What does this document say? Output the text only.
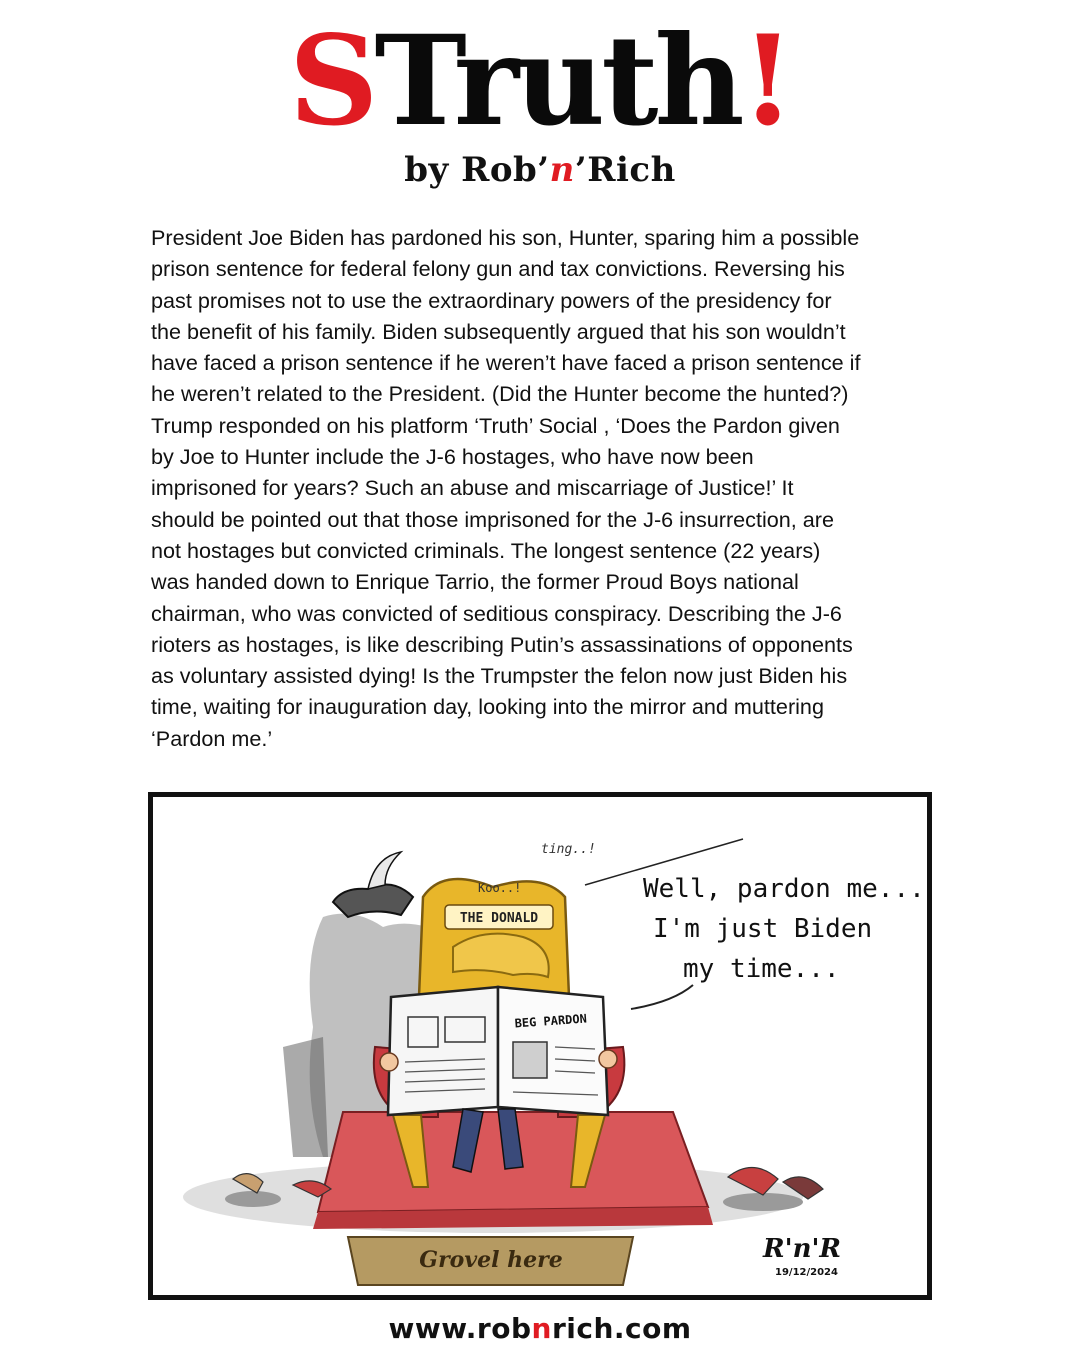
STruth!
by Rob’n’Rich

President Joe Biden has pardoned his son, Hunter, sparing him a possible
prison sentence for federal felony gun and tax convictions. Reversing his
past promises not to use the extraordinary powers of the presidency for
the benefit of his family. Biden subsequently argued that his son wouldn’t
have faced a prison sentence if he weren’t have faced a prison sentence if
he weren’t related to the President. (Did the Hunter become the hunted?)
Trump responded on his platform ‘Truth’ Social , ‘Does the Pardon given
by Joe to Hunter include the J-6 hostages, who have now been
imprisoned for years? Such an abuse and miscarriage of Justice!’ It
should be pointed out that those imprisoned for the J-6 insurrection, are
not hostages but convicted criminals. The longest sentence (22 years)
was handed down to Enrique Tarrio, the former Proud Boys national
chairman, who was convicted of seditious conspiracy. Describing the J-6
rioters as hostages, is like describing Putin’s assassinations of opponents
as voluntary assisted dying! Is the Trumpster the felon now just Biden his
time, waiting for inauguration day, looking into the mirror and muttering
‘Pardon me.’

THE DONALD
BEG PARDON
Grovel here
ting..!
Koo..!	Well, pardon me...
I'm just Biden
my time...
R'n'R
19/12/2024
www.robnrich.com
